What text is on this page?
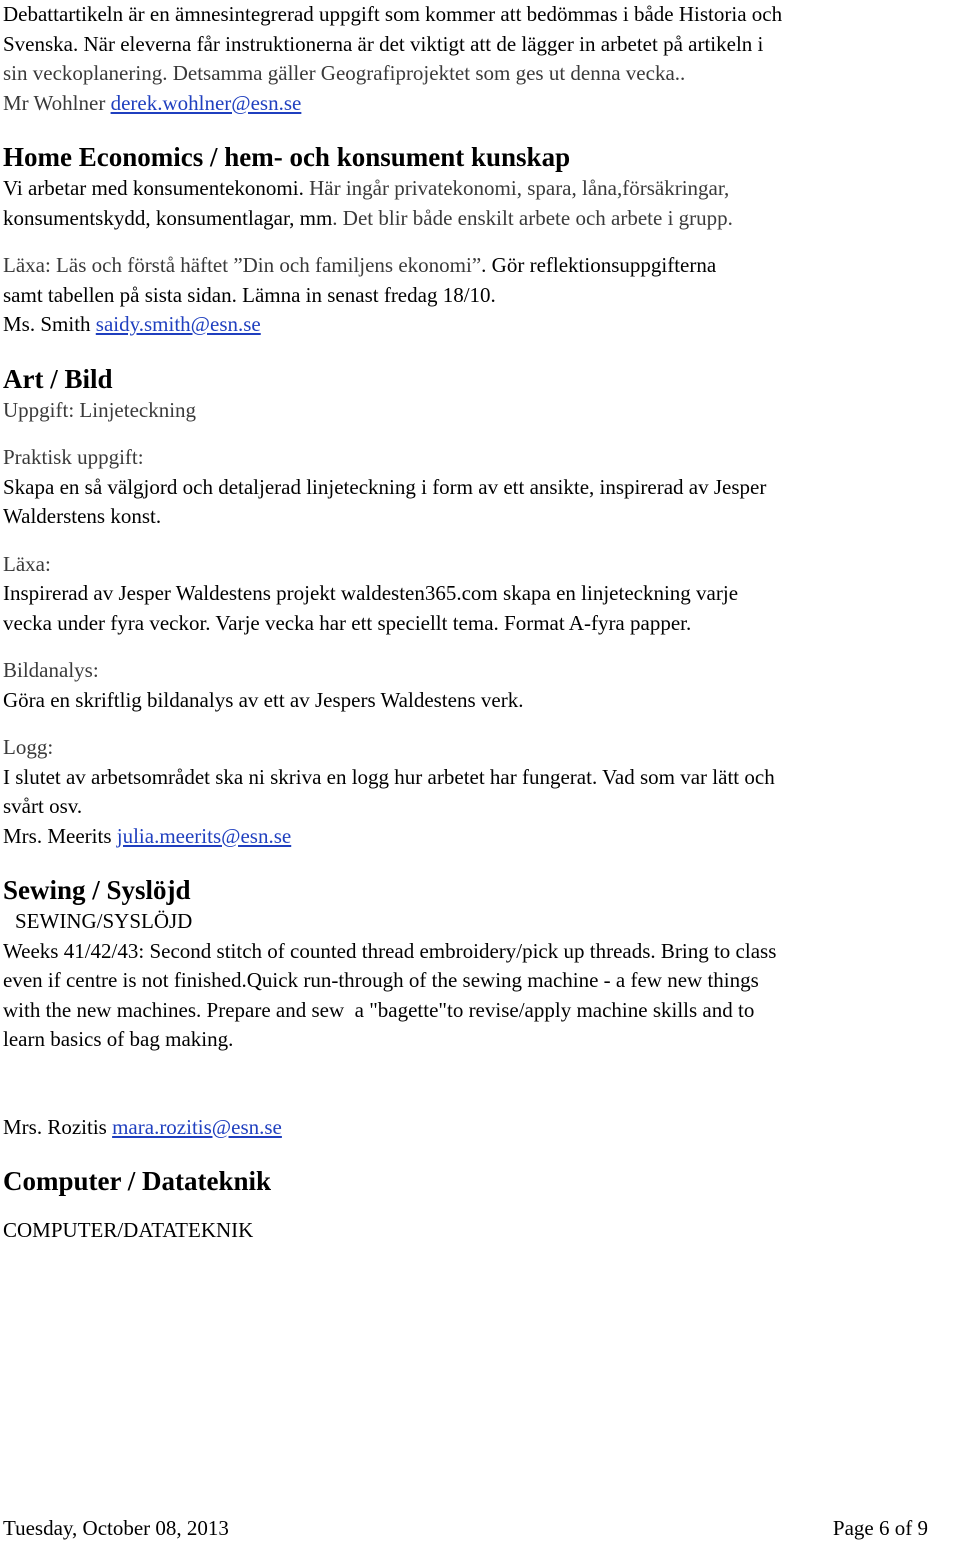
Debattartikeln är en ämnesintegrerad uppgift som kommer att bedömmas i både Historia och

Svenska. När eleverna får instruktionerna är det viktigt att de lägger in arbetet på artikeln i

sin veckoplanering. Detsamma gäller Geografiprojektet som ges ut denna vecka..

Mr Wohlner derek.wohlner@esn.se

Home Economics / hem- och konsument kunskap

Vi arbetar med konsumentekonomi. Här ingår privatekonomi, spara, låna,försäkringar,

konsumentskydd, konsumentlagar, mm. Det blir både enskilt arbete och arbete i grupp.

Läxa: Läs och förstå häftet ”Din och familjens ekonomi”. Gör reflektionsuppgifterna

samt tabellen på sista sidan. Lämna in senast fredag 18/10.

Ms. Smith saidy.smith@esn.se

Art / Bild

Uppgift: Linjeteckning

Praktisk uppgift:

Skapa en så välgjord och detaljerad linjeteckning i form av ett ansikte, inspirerad av Jesper

Walderstens konst.

Läxa:

Inspirerad av Jesper Waldestens projekt waldesten365.com skapa en linjeteckning varje

vecka under fyra veckor. Varje vecka har ett speciellt tema. Format A-fyra papper.

Bildanalys:

Göra en skriftlig bildanalys av ett av Jespers Waldestens verk.

Logg:

I slutet av arbetsområdet ska ni skriva en logg hur arbetet har fungerat. Vad som var lätt och

svårt osv.

Mrs. Meerits julia.meerits@esn.se

Sewing / Syslöjd

SEWING/SYSLÖJD

Weeks 41/42/43: Second stitch of counted thread embroidery/pick up threads. Bring to class

even if centre is not finished.Quick run-through of the sewing machine - a few new things

with the new machines. Prepare and sew  a "bagette"to revise/apply machine skills and to

learn basics of bag making.

Mrs. Rozitis mara.rozitis@esn.se

Computer / Datateknik

COMPUTER/DATATEKNIK

Tuesday, October 08, 2013	Page 6 of 9
